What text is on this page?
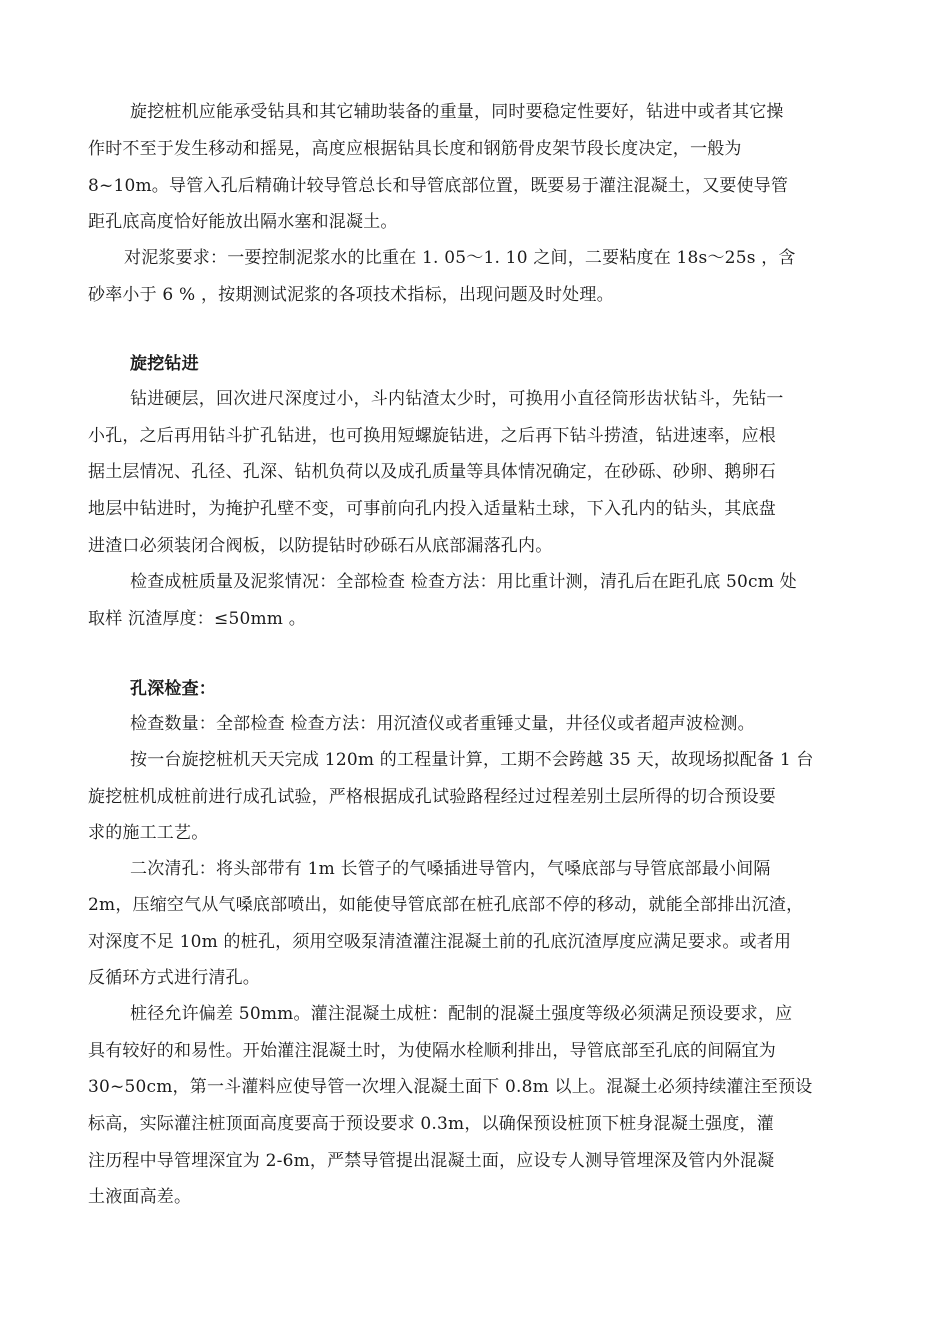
旋挖桩机应能承受钻具和其它辅助装备的重量，同时要稳定性要好，钻进中或者其它操
作时不至于发生移动和摇晃，高度应根据钻具长度和钢筋骨皮架节段长度决定，一般为
8~10m。导管入孔后精确计较导管总长和导管底部位置，既要易于灌注混凝土，又要使导管
距孔底高度恰好能放出隔水塞和混凝土。
对泥浆要求：一要控制泥浆水的比重在 1. 05～1. 10 之间，二要粘度在 18s～25s ，含
砂率小于 6 % ，按期测试泥浆的各项技术指标，出现问题及时处理。
旋挖钻进
钻进硬层，回次进尺深度过小，斗内钻渣太少时，可换用小直径筒形齿状钻斗，先钻一
小孔，之后再用钻斗扩孔钻进，也可换用短螺旋钻进，之后再下钻斗捞渣，钻进速率，应根
据土层情况、孔径、孔深、钻机负荷以及成孔质量等具体情况确定，在砂砾、砂卵、鹅卵石
地层中钻进时，为掩护孔壁不变，可事前向孔内投入适量粘土球，下入孔内的钻头，其底盘
进渣口必须装闭合阀板，以防提钻时砂砾石从底部漏落孔内。
检查成桩质量及泥浆情况：全部检查 检查方法：用比重计测，清孔后在距孔底 50cm 处
取样 沉渣厚度：≤50mm 。
孔深检查：
检查数量：全部检查 检查方法：用沉渣仪或者重锤丈量，井径仪或者超声波检测。
按一台旋挖桩机天天完成 120m 的工程量计算，工期不会跨越 35 天，故现场拟配备 1 台
旋挖桩机成桩前进行成孔试验，严格根据成孔试验路程经过过程差别土层所得的切合预设要
求的施工工艺。
二次清孔：将头部带有 1m 长管子的气嗓插进导管内，气嗓底部与导管底部最小间隔
2m，压缩空气从气嗓底部喷出，如能使导管底部在桩孔底部不停的移动，就能全部排出沉渣，
对深度不足 10m 的桩孔，须用空吸泵清渣灌注混凝土前的孔底沉渣厚度应满足要求。或者用
反循环方式进行清孔。
桩径允许偏差 50mm。灌注混凝土成桩：配制的混凝土强度等级必须满足预设要求，应
具有较好的和易性。开始灌注混凝土时，为使隔水栓顺利排出，导管底部至孔底的间隔宜为
30~50cm，第一斗灌料应使导管一次埋入混凝土面下 0.8m 以上。混凝土必须持续灌注至预设
标高，实际灌注桩顶面高度要高于预设要求 0.3m，以确保预设桩顶下桩身混凝土强度，灌
注历程中导管埋深宜为 2-6m，严禁导管提出混凝土面，应设专人测导管埋深及管内外混凝
土液面高差。
